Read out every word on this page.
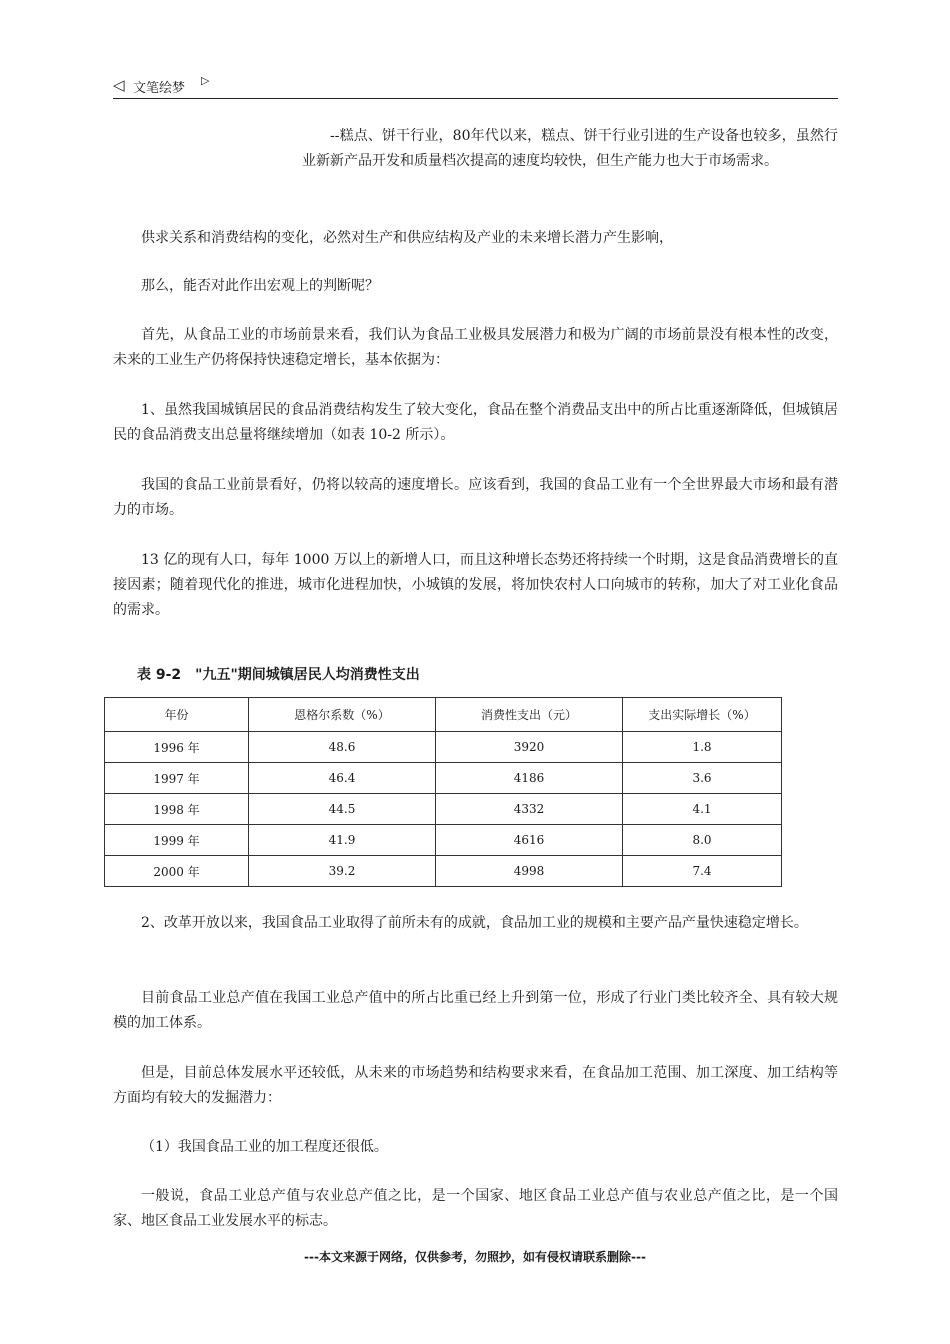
◁ 文笔绘梦
▷

--糕点、饼干行业，80年代以来，糕点、饼干行业引进的生产设备也较多，虽然行业新新产品开发和质量档次提高的速度均较快，但生产能力也大于市场需求。

供求关系和消费结构的变化，必然对生产和供应结构及产业的未来增长潜力产生影响，

那么，能否对此作出宏观上的判断呢？

首先，从食品工业的市场前景来看，我们认为食品工业极具发展潜力和极为广阔的市场前景没有根本性的改变，未来的工业生产仍将保持快速稳定增长，基本依据为：

1、虽然我国城镇居民的食品消费结构发生了较大变化，食品在整个消费品支出中的所占比重逐渐降低，但城镇居民的食品消费支出总量将继续增加（如表 10-2 所示）。

我国的食品工业前景看好，仍将以较高的速度增长。应该看到，我国的食品工业有一个全世界最大市场和最有潜力的市场。

13 亿的现有人口，每年 1000 万以上的新增人口，而且这种增长态势还将持续一个时期，这是食品消费增长的直接因素；随着现代化的推进，城市化进程加快，小城镇的发展，将加快农村人口向城市的转称，加大了对工业化食品的需求。

表 9-2 "九五"期间城镇居民人均消费性支出
年份	恩格尔系数（%）	消费性支出（元）	支出实际增长（%）
1996 年	48.6	3920	1.8
1997 年	46.4	4186	3.6
1998 年	44.5	4332	4.1
1999 年	41.9	4616	8.0
2000 年	39.2	4998	7.4

2、改革开放以来，我国食品工业取得了前所未有的成就，食品加工业的规模和主要产品产量快速稳定增长。

目前食品工业总产值在我国工业总产值中的所占比重已经上升到第一位，形成了行业门类比较齐全、具有较大规模的加工体系。

但是，目前总体发展水平还较低，从未来的市场趋势和结构要求来看，在食品加工范围、加工深度、加工结构等方面均有较大的发掘潜力：

（1）我国食品工业的加工程度还很低。

一般说，食品工业总产值与农业总产值之比，是一个国家、地区食品工业总产值与农业总产值之比，是一个国家、地区食品工业发展水平的标志。

---本文来源于网络，仅供参考，勿照抄，如有侵权请联系删除---
